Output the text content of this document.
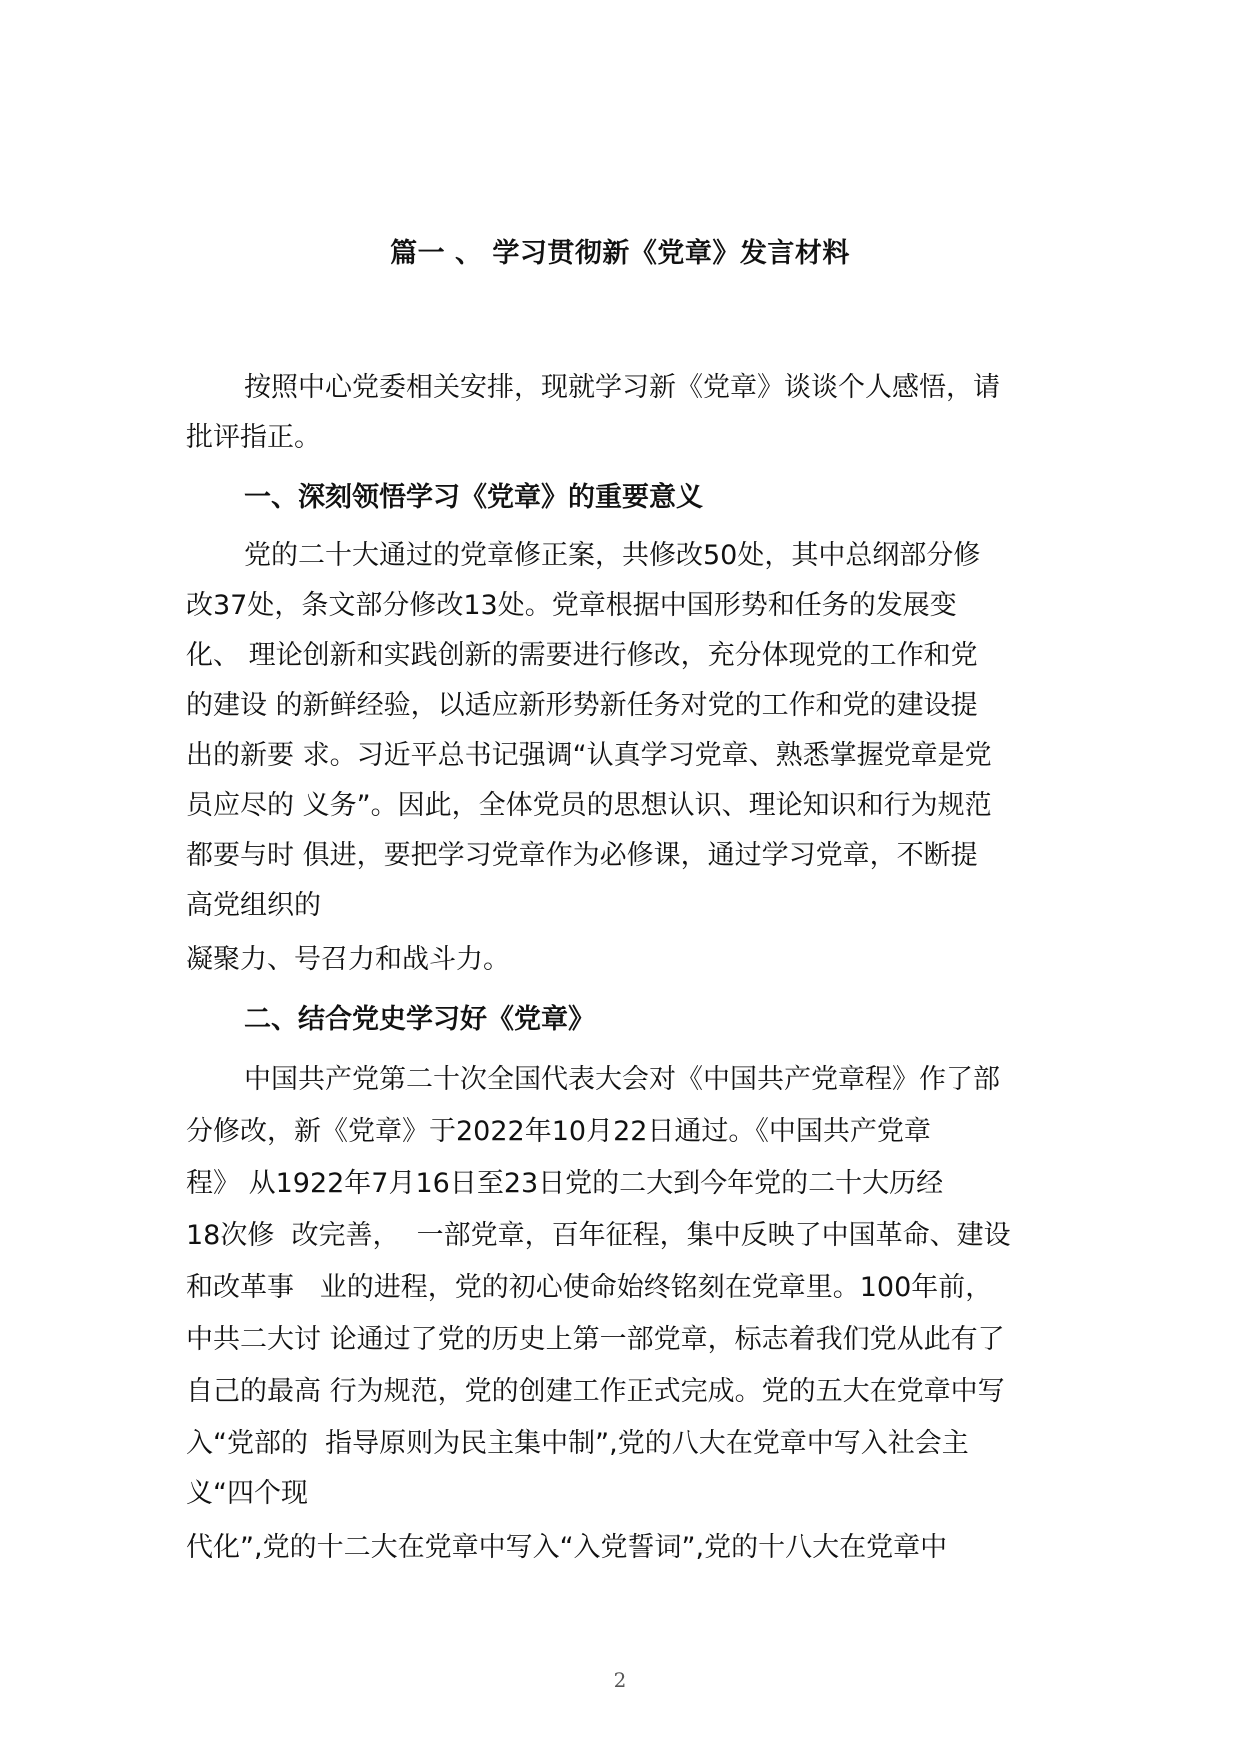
篇一 、 学习贯彻新《党章》发言材料
按照中心党委相关安排，现就学习新《党章》谈谈个人感悟，请
批评指正。
一、深刻领悟学习《党章》的重要意义
党的二十大通过的党章修正案，共修改50处，其中总纲部分修
改37处，条文部分修改13处。党章根据中国形势和任务的发展变
化、 理论创新和实践创新的需要进行修改，充分体现党的工作和党
的建设 的新鲜经验，以适应新形势新任务对党的工作和党的建设提
出的新要 求。习近平总书记强调“认真学习党章、熟悉掌握党章是党
员应尽的 义务”。因此，全体党员的思想认识、理论知识和行为规范
都要与时 俱进，要把学习党章作为必修课，通过学习党章，不断提
高党组织的
凝聚力、号召力和战斗力。
二、结合党史学习好《党章》
中国共产党第二十次全国代表大会对《中国共产党章程》作了部
分修改，新《党章》于2022年10月22日通过。《中国共产党章
程》 从1922年7月16日至23日党的二大到今年党的二十大历经
18次修  改完善，  一部党章，百年征程，集中反映了中国革命、建设
和改革事   业的进程，党的初心使命始终铭刻在党章里。100年前，
中共二大讨 论通过了党的历史上第一部党章，标志着我们党从此有了
自己的最高 行为规范，党的创建工作正式完成。党的五大在党章中写
入“党部的  指导原则为民主集中制”,党的八大在党章中写入社会主
义“四个现
代化”,党的十二大在党章中写入“入党誓词”,党的十八大在党章中
2
